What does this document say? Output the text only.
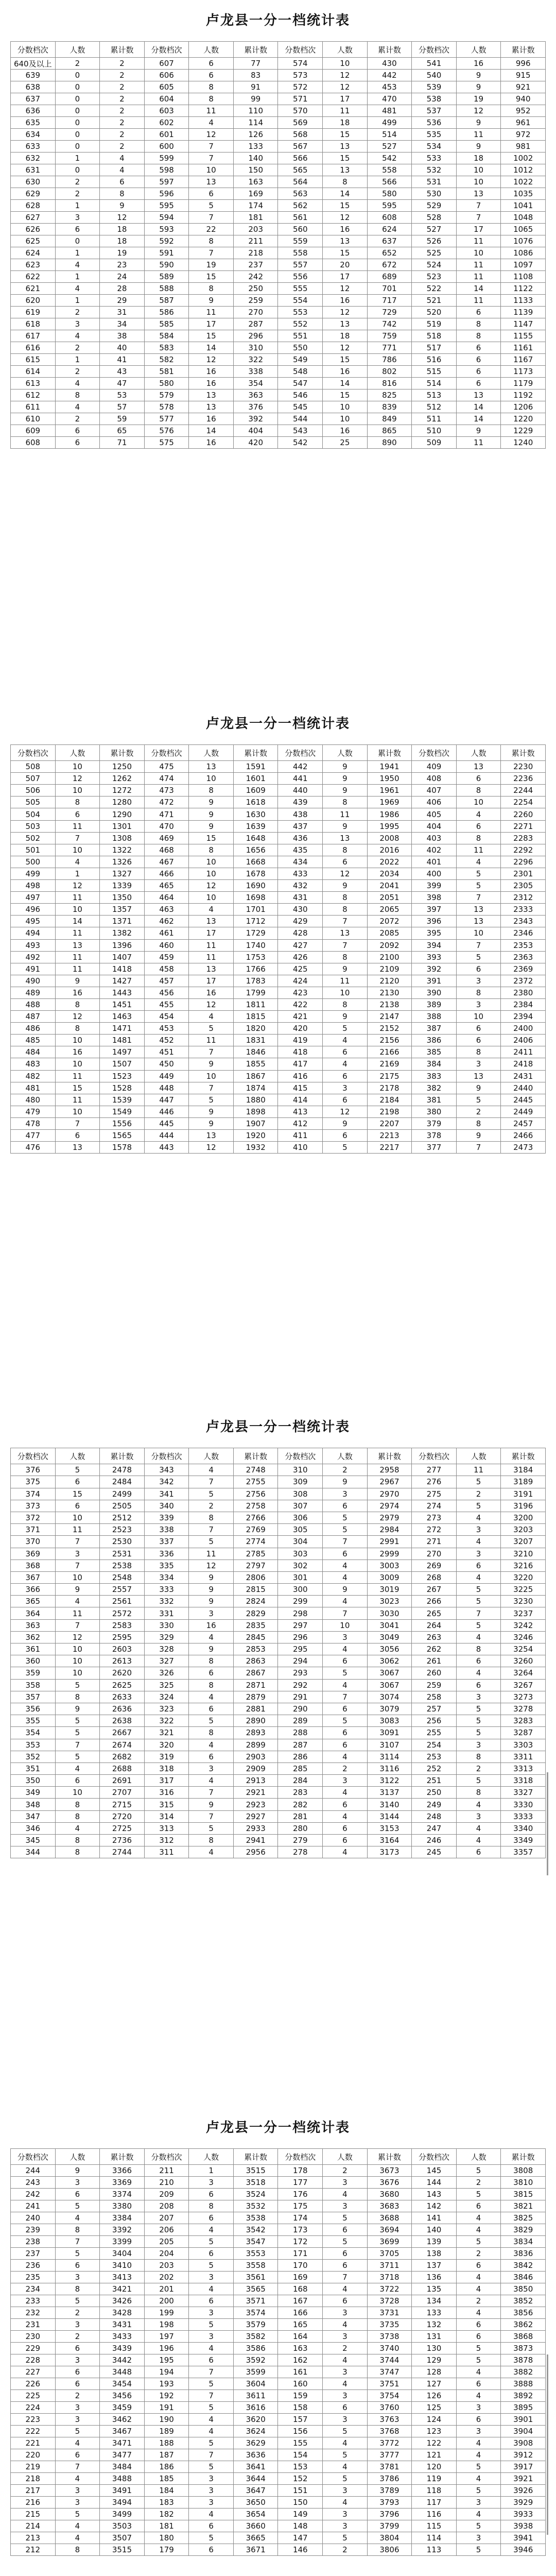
卢龙县一分一档统计表
分数档次	人数	累计数	分数档次	人数	累计数	分数档次	人数	累计数	分数档次	人数	累计数
640及以上	2	2	607	6	77	574	10	430	541	16	996
639	0	2	606	6	83	573	12	442	540	9	915
638	0	2	605	8	91	572	12	453	539	9	921
637	0	2	604	8	99	571	17	470	538	19	940
636	0	2	603	11	110	570	11	481	537	12	952
635	0	2	602	4	114	569	18	499	536	9	961
634	0	2	601	12	126	568	15	514	535	11	972
633	0	2	600	7	133	567	13	527	534	9	981
632	1	4	599	7	140	566	15	542	533	18	1002
631	0	4	598	10	150	565	13	558	532	10	1012
630	2	6	597	13	163	564	8	566	531	10	1022
629	2	8	596	6	169	563	14	580	530	13	1035
628	1	9	595	5	174	562	15	595	529	7	1041
627	3	12	594	7	181	561	12	608	528	7	1048
626	6	18	593	22	203	560	16	624	527	17	1065
625	0	18	592	8	211	559	13	637	526	11	1076
624	1	19	591	7	218	558	15	652	525	10	1086
623	4	23	590	19	237	557	20	672	524	11	1097
622	1	24	589	15	242	556	17	689	523	11	1108
621	4	28	588	8	250	555	12	701	522	14	1122
620	1	29	587	9	259	554	16	717	521	11	1133
619	2	31	586	11	270	553	12	729	520	6	1139
618	3	34	585	17	287	552	13	742	519	8	1147
617	4	38	584	15	296	551	18	759	518	8	1155
616	2	40	583	14	310	550	12	771	517	6	1161
615	1	41	582	12	322	549	15	786	516	6	1167
614	2	43	581	16	338	548	16	802	515	6	1173
613	4	47	580	16	354	547	14	816	514	6	1179
612	8	53	579	13	363	546	15	825	513	13	1192
611	4	57	578	13	376	545	10	839	512	14	1206
610	2	59	577	16	392	544	10	849	511	14	1220
609	6	65	576	14	404	543	16	865	510	9	1229
608	6	71	575	16	420	542	25	890	509	11	1240
卢龙县一分一档统计表
分数档次	人数	累计数	分数档次	人数	累计数	分数档次	人数	累计数	分数档次	人数	累计数
508	10	1250	475	13	1591	442	9	1941	409	13	2230
507	12	1262	474	10	1601	441	9	1950	408	6	2236
506	10	1272	473	8	1609	440	9	1961	407	8	2244
505	8	1280	472	9	1618	439	8	1969	406	10	2254
504	6	1290	471	9	1630	438	11	1986	405	4	2260
503	11	1301	470	9	1639	437	9	1995	404	6	2271
502	7	1308	469	15	1648	436	13	2008	403	8	2283
501	10	1322	468	8	1656	435	8	2016	402	11	2292
500	4	1326	467	10	1668	434	6	2022	401	4	2296
499	1	1327	466	10	1678	433	12	2034	400	5	2301
498	12	1339	465	12	1690	432	9	2041	399	5	2305
497	11	1350	464	10	1698	431	8	2051	398	7	2312
496	10	1357	463	4	1701	430	8	2065	397	13	2333
495	14	1371	462	13	1712	429	7	2072	396	13	2343
494	11	1382	461	17	1729	428	13	2085	395	10	2346
493	13	1396	460	11	1740	427	7	2092	394	7	2353
492	11	1407	459	11	1753	426	8	2100	393	5	2363
491	11	1418	458	13	1766	425	9	2109	392	6	2369
490	9	1427	457	17	1783	424	11	2120	391	3	2372
489	16	1443	456	16	1799	423	10	2130	390	8	2380
488	8	1451	455	12	1811	422	8	2138	389	3	2384
487	12	1463	454	4	1815	421	9	2147	388	10	2394
486	8	1471	453	5	1820	420	5	2152	387	6	2400
485	10	1481	452	11	1831	419	4	2156	386	6	2406
484	16	1497	451	7	1846	418	6	2166	385	8	2411
483	10	1507	450	9	1855	417	4	2169	384	3	2418
482	11	1523	449	10	1867	416	6	2175	383	13	2431
481	15	1528	448	7	1874	415	3	2178	382	9	2440
480	11	1539	447	5	1880	414	6	2184	381	5	2445
479	10	1549	446	9	1898	413	12	2198	380	2	2449
478	7	1556	445	9	1907	412	9	2207	379	8	2457
477	6	1565	444	13	1920	411	6	2213	378	9	2466
476	13	1578	443	12	1932	410	5	2217	377	7	2473
卢龙县一分一档统计表
分数档次	人数	累计数	分数档次	人数	累计数	分数档次	人数	累计数	分数档次	人数	累计数
376	5	2478	343	4	2748	310	2	2958	277	11	3184
375	6	2484	342	7	2755	309	9	2967	276	5	3189
374	15	2499	341	5	2756	308	3	2970	275	2	3191
373	6	2505	340	2	2758	307	6	2974	274	5	3196
372	10	2512	339	8	2766	306	5	2979	273	4	3200
371	11	2523	338	7	2769	305	5	2984	272	3	3203
370	7	2530	337	5	2774	304	7	2991	271	4	3207
369	3	2531	336	11	2785	303	6	2999	270	3	3210
368	7	2538	335	12	2797	302	4	3003	269	6	3216
367	10	2548	334	9	2806	301	4	3009	268	4	3220
366	9	2557	333	9	2815	300	9	3019	267	5	3225
365	4	2561	332	9	2824	299	4	3023	266	5	3230
364	11	2572	331	3	2829	298	7	3030	265	7	3237
363	7	2583	330	16	2835	297	10	3041	264	5	3242
362	12	2595	329	4	2845	296	3	3049	263	4	3246
361	10	2603	328	9	2853	295	4	3056	262	8	3254
360	10	2613	327	8	2863	294	6	3062	261	6	3260
359	10	2620	326	6	2867	293	5	3067	260	4	3264
358	5	2625	325	8	2871	292	4	3067	259	6	3267
357	8	2633	324	4	2879	291	7	3074	258	3	3273
356	9	2636	323	6	2881	290	6	3079	257	5	3278
355	5	2638	322	5	2890	289	5	3083	256	5	3283
354	5	2667	321	8	2893	288	6	3091	255	5	3287
353	7	2674	320	4	2899	287	6	3107	254	3	3303
352	5	2682	319	6	2903	286	4	3114	253	8	3311
351	4	2688	318	3	2909	285	2	3116	252	2	3313
350	6	2691	317	4	2913	284	3	3122	251	5	3318
349	10	2707	316	7	2921	283	4	3137	250	8	3327
348	8	2715	315	9	2923	282	6	3140	249	4	3330
347	8	2720	314	7	2927	281	4	3144	248	3	3333
346	4	2725	313	5	2933	280	6	3153	247	4	3340
345	8	2736	312	8	2941	279	6	3164	246	4	3349
344	8	2744	311	4	2956	278	4	3173	245	6	3357
卢龙县一分一档统计表
分数档次	人数	累计数	分数档次	人数	累计数	分数档次	人数	累计数	分数档次	人数	累计数
244	9	3366	211	1	3515	178	2	3673	145	5	3808
243	3	3369	210	3	3518	177	3	3676	144	2	3810
242	6	3374	209	6	3524	176	4	3680	143	5	3815
241	5	3380	208	8	3532	175	3	3683	142	6	3821
240	4	3384	207	6	3538	174	5	3688	141	4	3825
239	8	3392	206	4	3542	173	6	3694	140	4	3829
238	7	3399	205	5	3547	172	5	3699	139	5	3834
237	5	3404	204	6	3553	171	6	3705	138	2	3836
236	6	3410	203	5	3558	170	6	3711	137	6	3842
235	3	3413	202	3	3561	169	7	3718	136	4	3846
234	8	3421	201	4	3565	168	4	3722	135	4	3850
233	5	3426	200	6	3571	167	6	3728	134	2	3852
232	2	3428	199	3	3574	166	3	3731	133	4	3856
231	3	3431	198	5	3579	165	4	3735	132	6	3862
230	2	3433	197	3	3582	164	3	3738	131	6	3868
229	6	3439	196	4	3586	163	2	3740	130	5	3873
228	3	3442	195	6	3592	162	4	3744	129	5	3878
227	6	3448	194	7	3599	161	3	3747	128	4	3882
226	6	3454	193	5	3604	160	4	3751	127	6	3888
225	2	3456	192	7	3611	159	3	3754	126	4	3892
224	3	3459	191	5	3616	158	6	3760	125	3	3895
223	3	3462	190	4	3620	157	3	3763	124	6	3901
222	5	3467	189	4	3624	156	5	3768	123	3	3904
221	4	3471	188	5	3629	155	4	3772	122	4	3908
220	6	3477	187	7	3636	154	5	3777	121	4	3912
219	7	3484	186	5	3641	153	4	3781	120	5	3917
218	4	3488	185	3	3644	152	5	3786	119	4	3921
217	3	3491	184	3	3647	151	3	3789	118	5	3926
216	3	3494	183	3	3650	150	4	3793	117	3	3929
215	5	3499	182	4	3654	149	3	3796	116	4	3933
214	4	3503	181	6	3660	148	3	3799	115	5	3938
213	4	3507	180	5	3665	147	5	3804	114	3	3941
212	8	3515	179	6	3671	146	2	3806	113	5	3946
